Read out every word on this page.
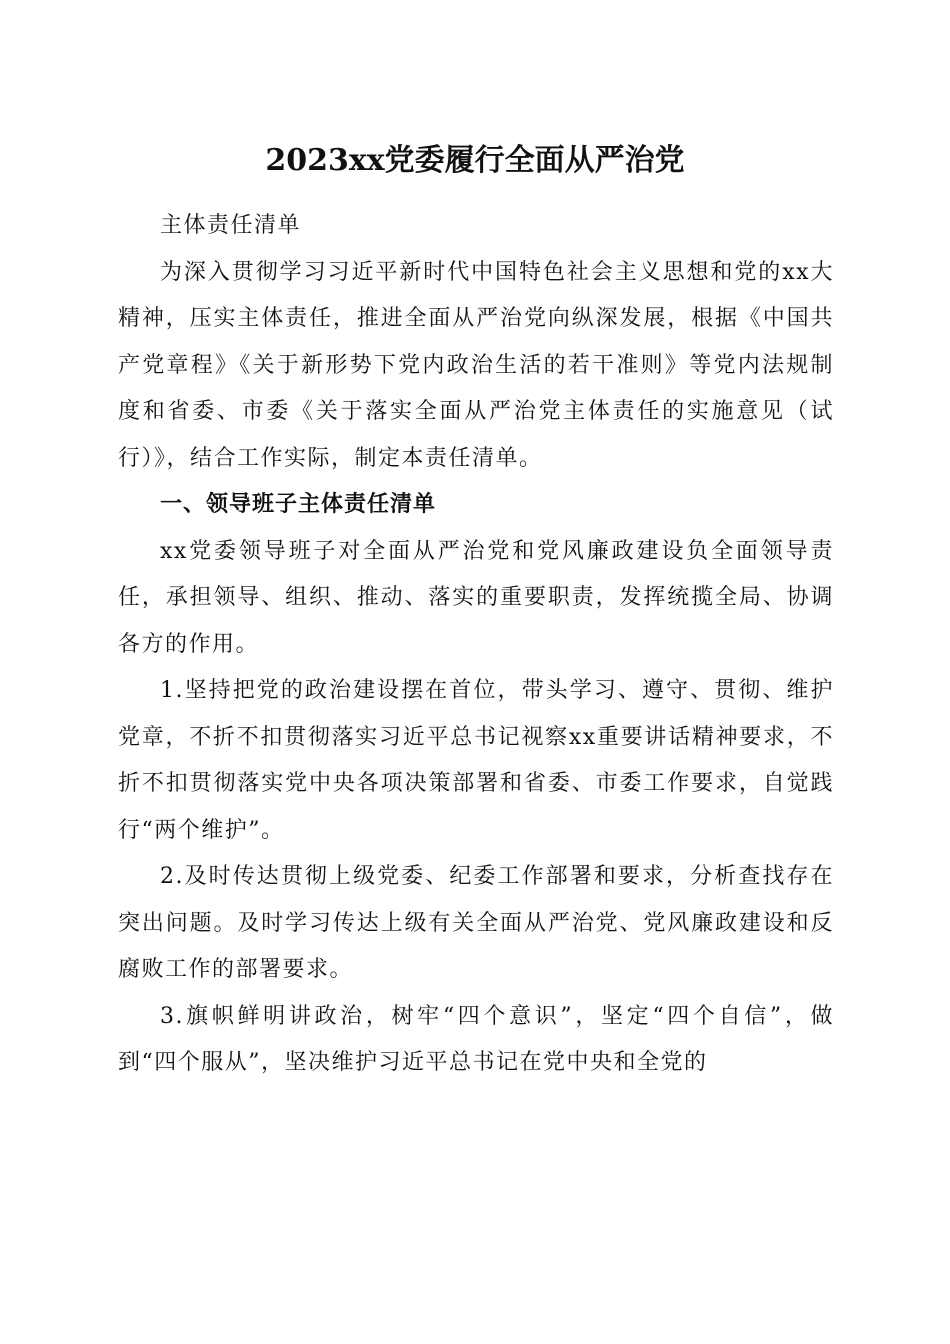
2023xx党委履行全面从严治党

主体责任清单

为深入贯彻学习习近平新时代中国特色社会主义思想和党的xx大精神，压实主体责任，推进全面从严治党向纵深发展，根据《中国共产党章程》《关于新形势下党内政治生活的若干准则》等党内法规制度和省委、市委《关于落实全面从严治党主体责任的实施意见（试行）》，结合工作实际，制定本责任清单。

一、领导班子主体责任清单

xx党委领导班子对全面从严治党和党风廉政建设负全面领导责任，承担领导、组织、推动、落实的重要职责，发挥统揽全局、协调各方的作用。

1.坚持把党的政治建设摆在首位，带头学习、遵守、贯彻、维护党章，不折不扣贯彻落实习近平总书记视察xx重要讲话精神要求，不折不扣贯彻落实党中央各项决策部署和省委、市委工作要求，自觉践行“两个维护”。

2.及时传达贯彻上级党委、纪委工作部署和要求，分析查找存在突出问题。及时学习传达上级有关全面从严治党、党风廉政建设和反腐败工作的部署要求。

3.旗帜鲜明讲政治，树牢“四个意识”，坚定“四个自信”，做到“四个服从”，坚决维护习近平总书记在党中央和全党的
